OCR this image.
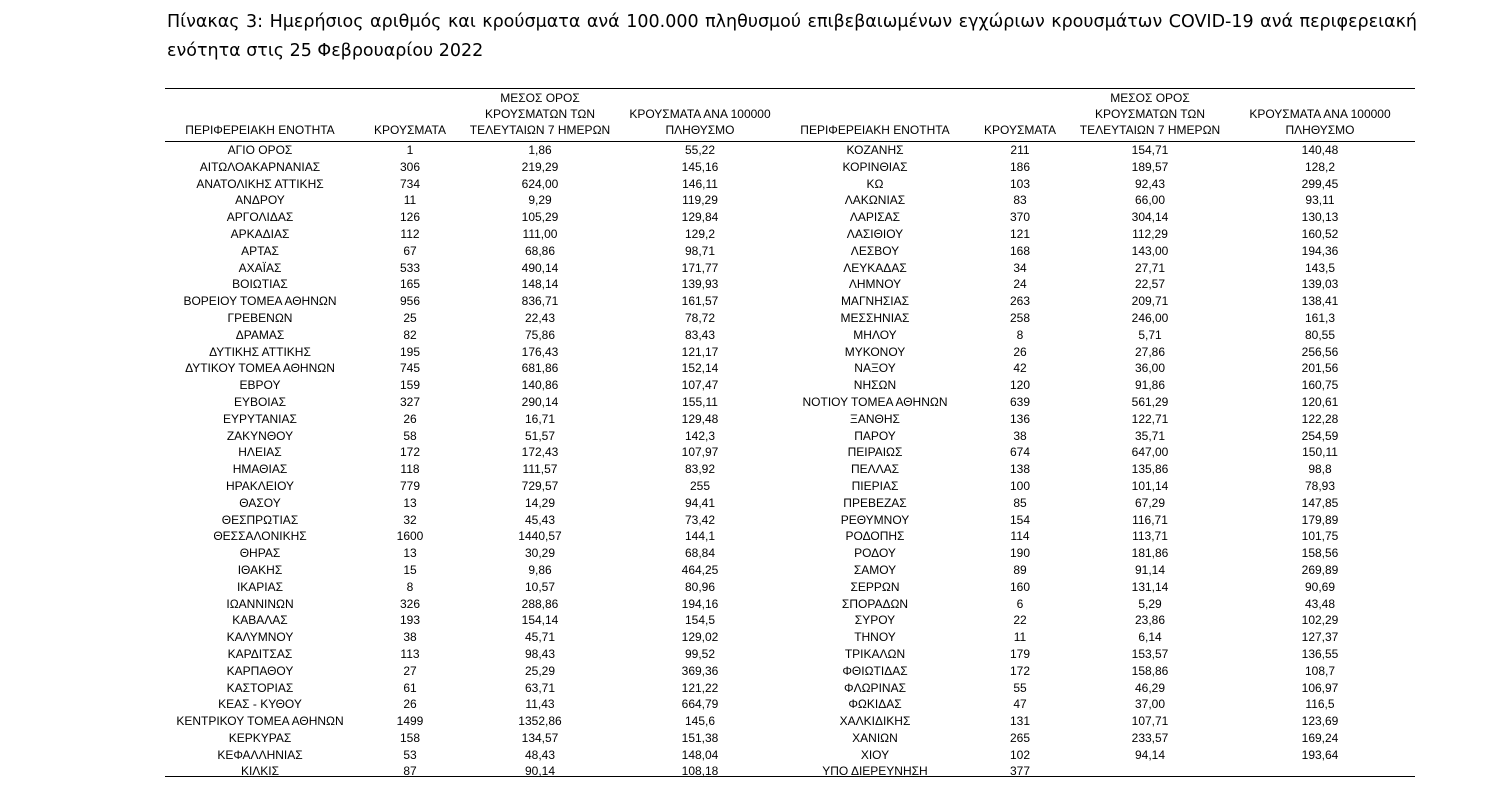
Πίνακας 3: Ημερήσιος αριθμός και κρούσματα ανά 100.000 πληθυσμού επιβεβαιωμένων εγχώριων κρουσμάτων COVID-19 ανά περιφερειακή ενότητα στις 25 Φεβρουαρίου 2022

ΠΕΡΙΦΕΡΕΙΑΚΗ ΕΝΟΤΗΤΑ	ΚΡΟΥΣΜΑΤΑ	ΜΕΣΟΣ ΟΡΟΣ
ΚΡΟΥΣΜΑΤΩΝ ΤΩΝ
ΤΕΛΕΥΤΑΙΩΝ 7 ΗΜΕΡΩΝ	ΚΡΟΥΣΜΑΤΑ ΑΝΑ 100000
ΠΛΗΘΥΣΜΟ	ΠΕΡΙΦΕΡΕΙΑΚΗ ΕΝΟΤΗΤΑ	ΚΡΟΥΣΜΑΤΑ	ΜΕΣΟΣ ΟΡΟΣ
ΚΡΟΥΣΜΑΤΩΝ ΤΩΝ
ΤΕΛΕΥΤΑΙΩΝ 7 ΗΜΕΡΩΝ	ΚΡΟΥΣΜΑΤΑ ΑΝΑ 100000
ΠΛΗΘΥΣΜΟ
ΑΓΙΟ ΟΡΟΣ	1	1,86	55,22	ΚΟΖΑΝΗΣ	211	154,71	140,48
ΑΙΤΩΛΟΑΚΑΡΝΑΝΙΑΣ	306	219,29	145,16	ΚΟΡΙΝΘΙΑΣ	186	189,57	128,2
ΑΝΑΤΟΛΙΚΗΣ ΑΤΤΙΚΗΣ	734	624,00	146,11	ΚΩ	103	92,43	299,45
ΑΝΔΡΟΥ	11	9,29	119,29	ΛΑΚΩΝΙΑΣ	83	66,00	93,11
ΑΡΓΟΛΙΔΑΣ	126	105,29	129,84	ΛΑΡΙΣΑΣ	370	304,14	130,13
ΑΡΚΑΔΙΑΣ	112	111,00	129,2	ΛΑΣΙΘΙΟΥ	121	112,29	160,52
ΑΡΤΑΣ	67	68,86	98,71	ΛΕΣΒΟΥ	168	143,00	194,36
ΑΧΑΪΑΣ	533	490,14	171,77	ΛΕΥΚΑΔΑΣ	34	27,71	143,5
ΒΟΙΩΤΙΑΣ	165	148,14	139,93	ΛΗΜΝΟΥ	24	22,57	139,03
ΒΟΡΕΙΟΥ ΤΟΜΕΑ ΑΘΗΝΩΝ	956	836,71	161,57	ΜΑΓΝΗΣΙΑΣ	263	209,71	138,41
ΓΡΕΒΕΝΩΝ	25	22,43	78,72	ΜΕΣΣΗΝΙΑΣ	258	246,00	161,3
ΔΡΑΜΑΣ	82	75,86	83,43	ΜΗΛΟΥ	8	5,71	80,55
ΔΥΤΙΚΗΣ ΑΤΤΙΚΗΣ	195	176,43	121,17	ΜΥΚΟΝΟΥ	26	27,86	256,56
ΔΥΤΙΚΟΥ ΤΟΜΕΑ ΑΘΗΝΩΝ	745	681,86	152,14	ΝΑΞΟΥ	42	36,00	201,56
ΕΒΡΟΥ	159	140,86	107,47	ΝΗΣΩΝ	120	91,86	160,75
ΕΥΒΟΙΑΣ	327	290,14	155,11	ΝΟΤΙΟΥ ΤΟΜΕΑ ΑΘΗΝΩΝ	639	561,29	120,61
ΕΥΡΥΤΑΝΙΑΣ	26	16,71	129,48	ΞΑΝΘΗΣ	136	122,71	122,28
ΖΑΚΥΝΘΟΥ	58	51,57	142,3	ΠΑΡΟΥ	38	35,71	254,59
ΗΛΕΙΑΣ	172	172,43	107,97	ΠΕΙΡΑΙΩΣ	674	647,00	150,11
ΗΜΑΘΙΑΣ	118	111,57	83,92	ΠΕΛΛΑΣ	138	135,86	98,8
ΗΡΑΚΛΕΙΟΥ	779	729,57	255	ΠΙΕΡΙΑΣ	100	101,14	78,93
ΘΑΣΟΥ	13	14,29	94,41	ΠΡΕΒΕΖΑΣ	85	67,29	147,85
ΘΕΣΠΡΩΤΙΑΣ	32	45,43	73,42	ΡΕΘΥΜΝΟΥ	154	116,71	179,89
ΘΕΣΣΑΛΟΝΙΚΗΣ	1600	1440,57	144,1	ΡΟΔΟΠΗΣ	114	113,71	101,75
ΘΗΡΑΣ	13	30,29	68,84	ΡΟΔΟΥ	190	181,86	158,56
ΙΘΑΚΗΣ	15	9,86	464,25	ΣΑΜΟΥ	89	91,14	269,89
ΙΚΑΡΙΑΣ	8	10,57	80,96	ΣΕΡΡΩΝ	160	131,14	90,69
ΙΩΑΝΝΙΝΩΝ	326	288,86	194,16	ΣΠΟΡΑΔΩΝ	6	5,29	43,48
ΚΑΒΑΛΑΣ	193	154,14	154,5	ΣΥΡΟΥ	22	23,86	102,29
ΚΑΛΥΜΝΟΥ	38	45,71	129,02	ΤΗΝΟΥ	11	6,14	127,37
ΚΑΡΔΙΤΣΑΣ	113	98,43	99,52	ΤΡΙΚΑΛΩΝ	179	153,57	136,55
ΚΑΡΠΑΘΟΥ	27	25,29	369,36	ΦΘΙΩΤΙΔΑΣ	172	158,86	108,7
ΚΑΣΤΟΡΙΑΣ	61	63,71	121,22	ΦΛΩΡΙΝΑΣ	55	46,29	106,97
ΚΕΑΣ - ΚΥΘΟΥ	26	11,43	664,79	ΦΩΚΙΔΑΣ	47	37,00	116,5
ΚΕΝΤΡΙΚΟΥ ΤΟΜΕΑ ΑΘΗΝΩΝ	1499	1352,86	145,6	ΧΑΛΚΙΔΙΚΗΣ	131	107,71	123,69
ΚΕΡΚΥΡΑΣ	158	134,57	151,38	ΧΑΝΙΩΝ	265	233,57	169,24
ΚΕΦΑΛΛΗΝΙΑΣ	53	48,43	148,04	ΧΙΟΥ	102	94,14	193,64
ΚΙΛΚΙΣ	87	90,14	108,18	ΥΠΟ ΔΙΕΡΕΥΝΗΣΗ	377		
